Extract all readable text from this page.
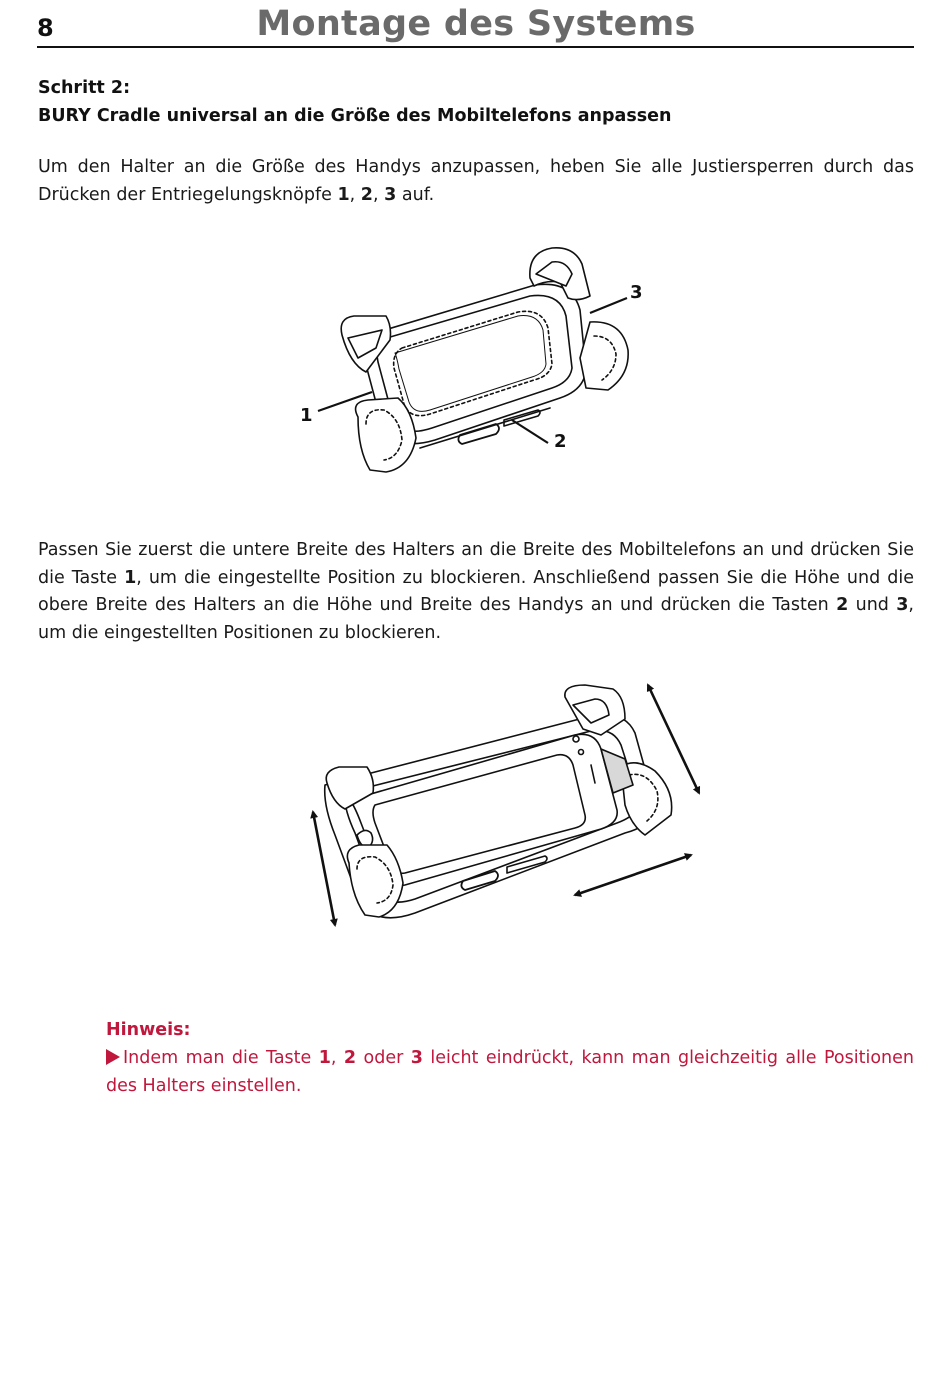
8	Montage des Systems
Schritt 2:
BURY Cradle universal an die Größe des Mobiltelefons anpassen
Um den Halter an die Größe des Handys anzupassen, heben Sie alle Justiersperren durch das Drücken der Entriegelungsknöpfe 1, 2, 3 auf.
1
2
3
Passen Sie zuerst die untere Breite des Halters an die Breite des Mobiltelefons an und drücken Sie die Taste 1, um die eingestellte Position zu blockieren. Anschließend passen Sie die Höhe und die obere Breite des Halters an die Höhe und Breite des Handys an und drücken die Tasten 2 und 3, um die eingestellten Positionen zu blockieren.
Hinweis:
Indem man die Taste 1, 2 oder 3 leicht eindrückt, kann man gleichzeitig alle Positionen des Halters einstellen.
